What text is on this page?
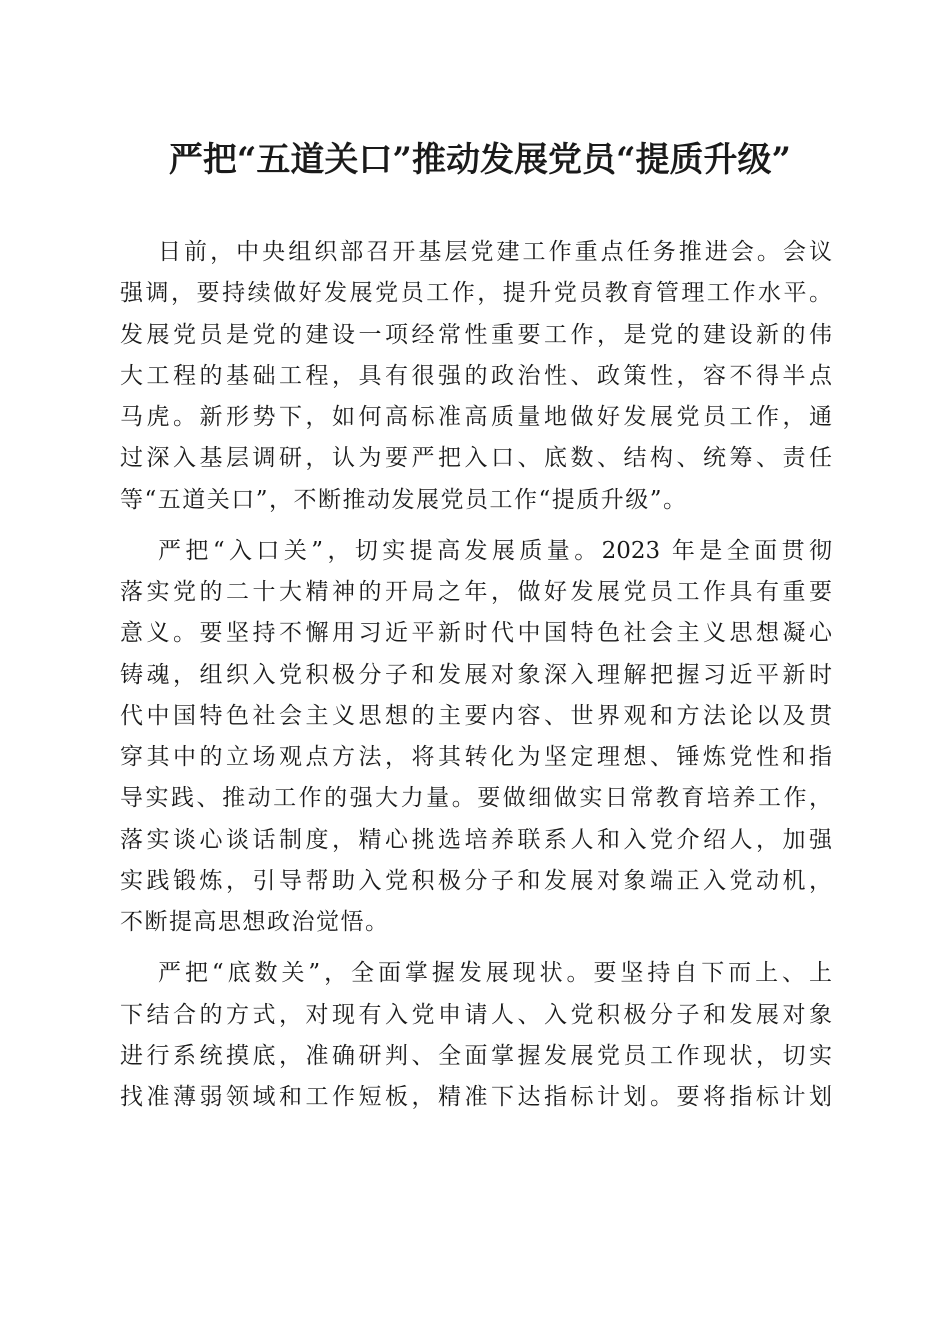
严把“五道关口”推动发展党员“提质升级”
日前，中央组织部召开基层党建工作重点任务推进会。会议
强调，要持续做好发展党员工作，提升党员教育管理工作水平。
发展党员是党的建设一项经常性重要工作，是党的建设新的伟
大工程的基础工程，具有很强的政治性、政策性，容不得半点
马虎。新形势下，如何高标准高质量地做好发展党员工作，通
过深入基层调研，认为要严把入口、底数、结构、统筹、责任
等“五道关口”，不断推动发展党员工作“提质升级”。
严把“入口关”，切实提高发展质量。2023 年是全面贯彻
落实党的二十大精神的开局之年，做好发展党员工作具有重要
意义。要坚持不懈用习近平新时代中国特色社会主义思想凝心
铸魂，组织入党积极分子和发展对象深入理解把握习近平新时
代中国特色社会主义思想的主要内容、世界观和方法论以及贯
穿其中的立场观点方法，将其转化为坚定理想、锤炼党性和指
导实践、推动工作的强大力量。要做细做实日常教育培养工作，
落实谈心谈话制度，精心挑选培养联系人和入党介绍人，加强
实践锻炼，引导帮助入党积极分子和发展对象端正入党动机，
不断提高思想政治觉悟。
严把“底数关”，全面掌握发展现状。要坚持自下而上、上
下结合的方式，对现有入党申请人、入党积极分子和发展对象
进行系统摸底，准确研判、全面掌握发展党员工作现状，切实
找准薄弱领域和工作短板，精准下达指标计划。要将指标计划
